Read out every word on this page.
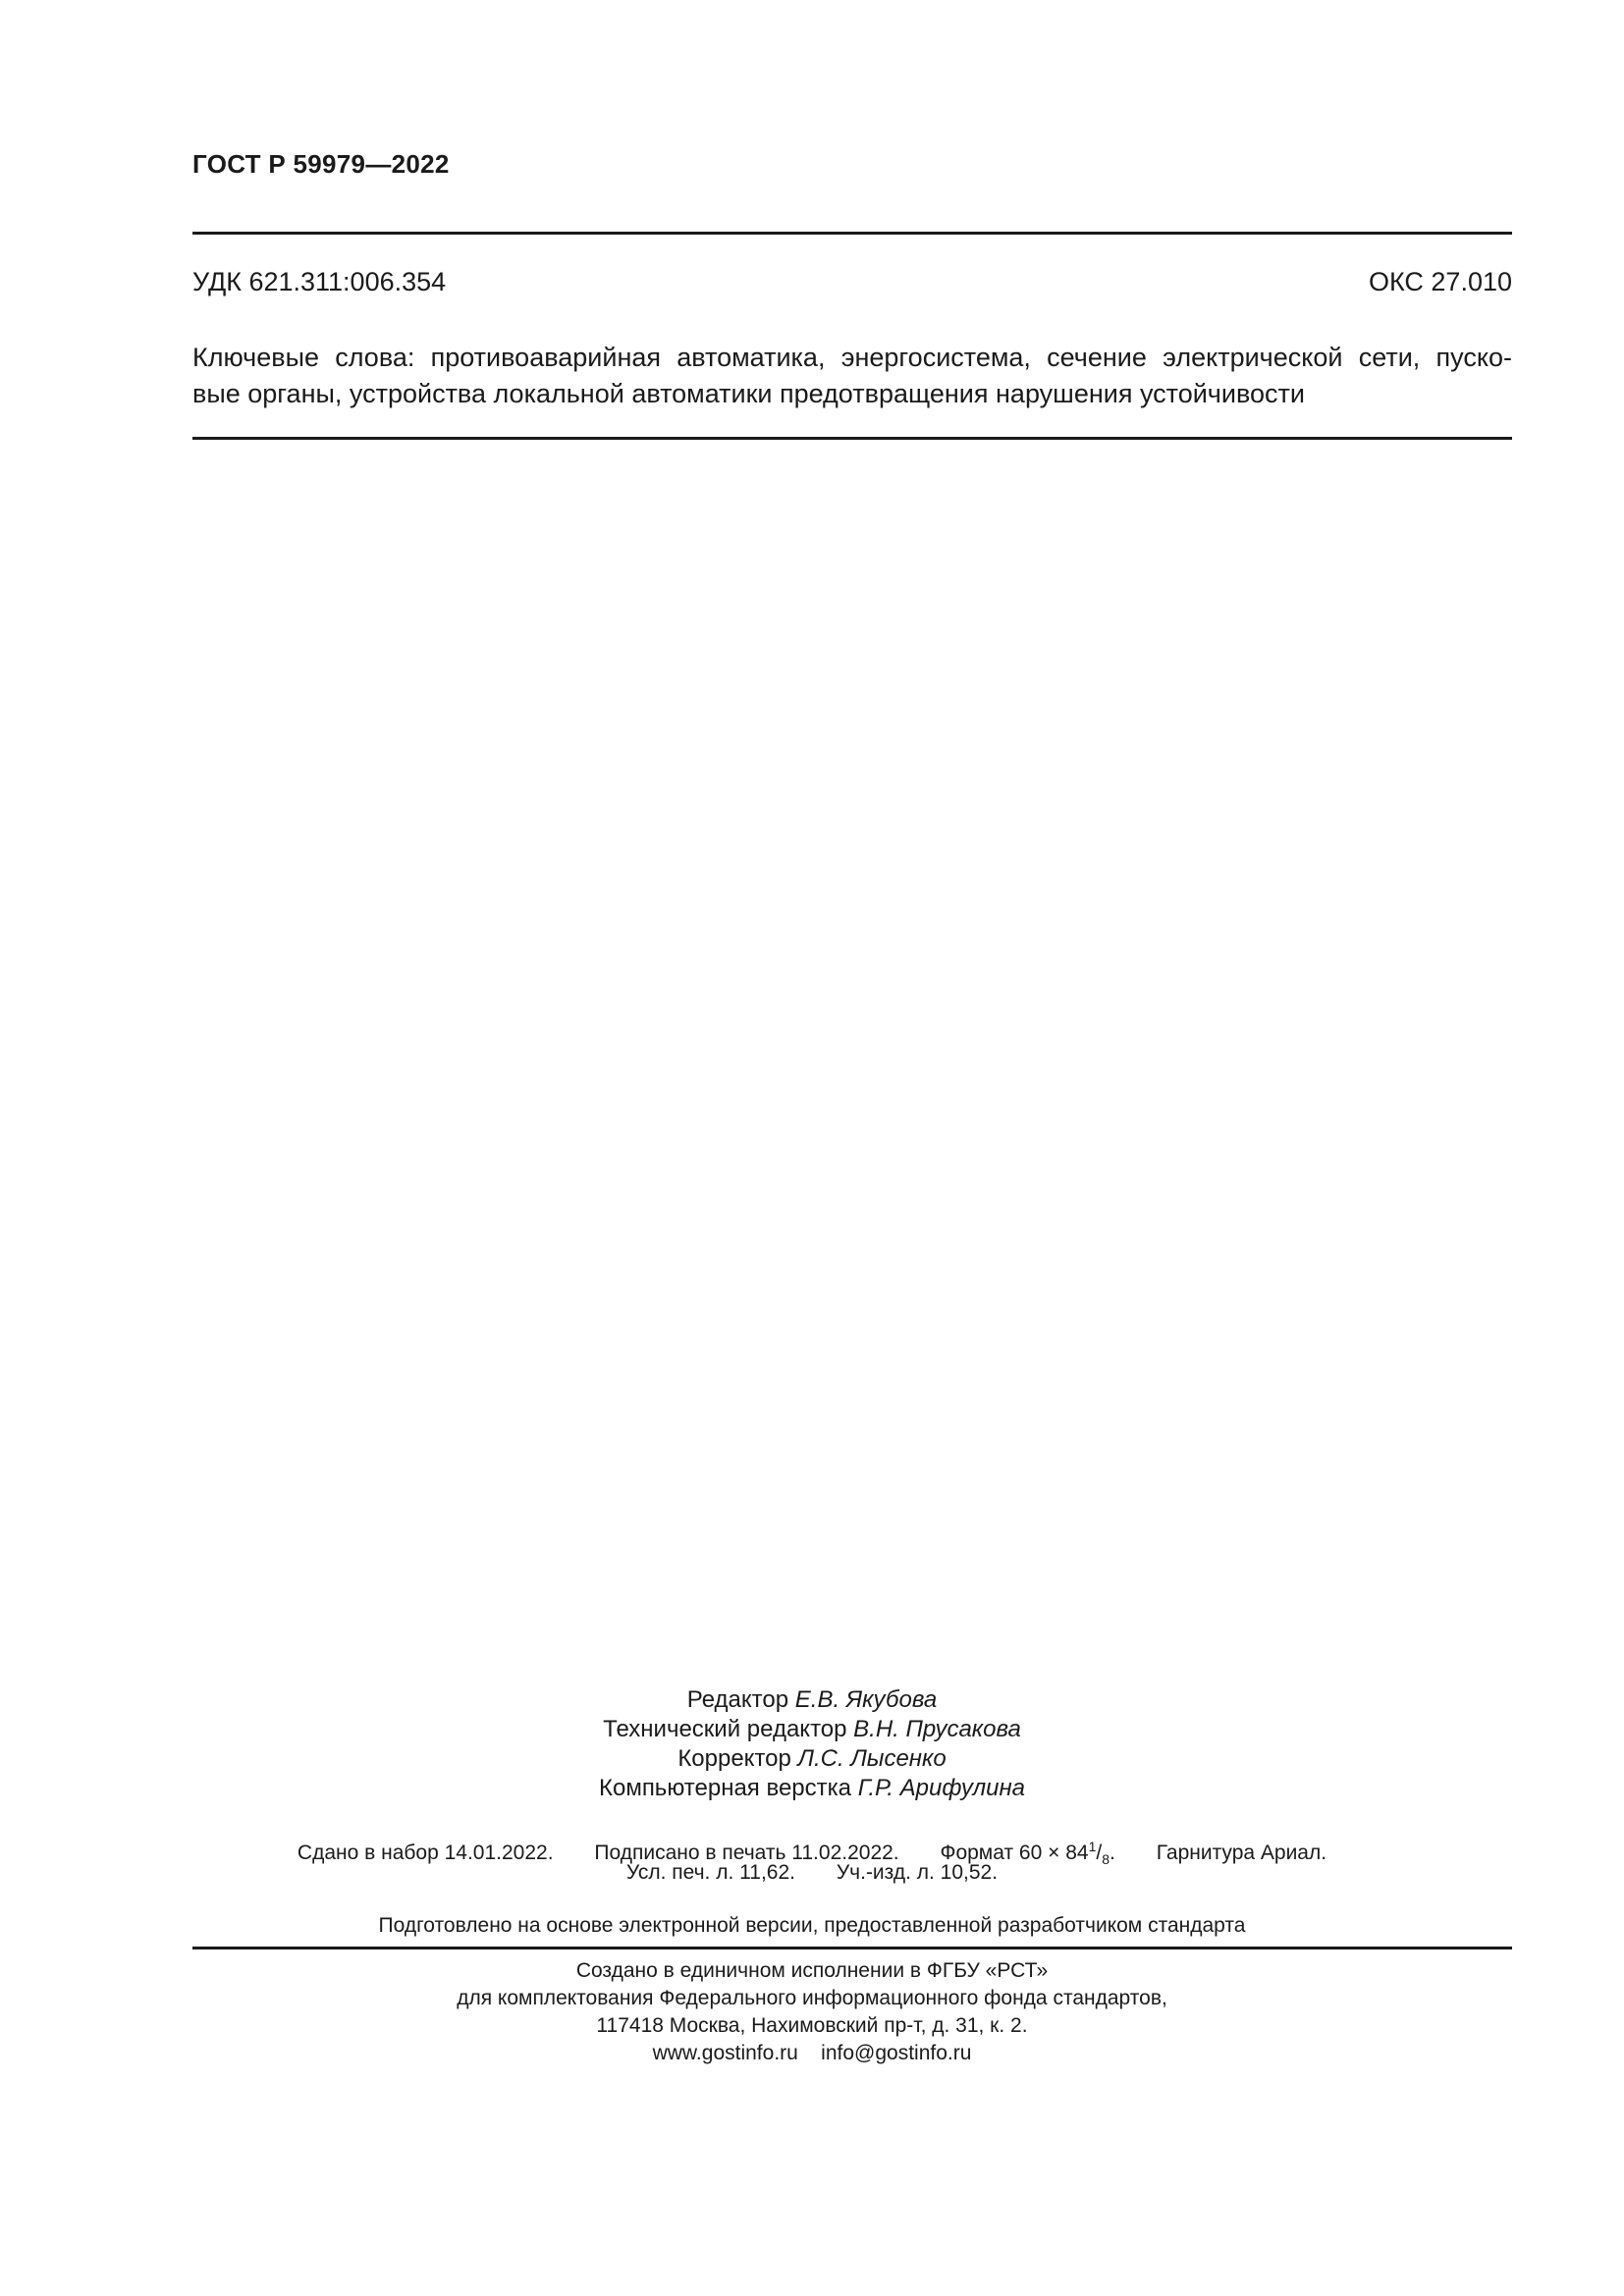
ГОСТ Р 59979—2022
УДК 621.311:006.354	ОКС 27.010
Ключевые слова: противоаварийная автоматика, энергосистема, сечение электрической сети, пуско-
вые органы, устройства локальной автоматики предотвращения нарушения устойчивости
Редактор Е.В. Якубова
Технический редактор В.Н. Прусакова
Корректор Л.С. Лысенко
Компьютерная верстка Г.Р. Арифулина
Сдано в набор 14.01.2022. Подписано в печать 11.02.2022. Формат $60 \times 84^1/_8$. Гарнитура Ариал.
Усл. печ. л. 11,62. Уч.-изд. л. 10,52.
Подготовлено на основе электронной версии, предоставленной разработчиком стандарта
Создано в единичном исполнении в ФГБУ «РСТ»
для комплектования Федерального информационного фонда стандартов,
117418 Москва, Нахимовский пр-т, д. 31, к. 2.
www.gostinfo.ru info@gostinfo.ru
